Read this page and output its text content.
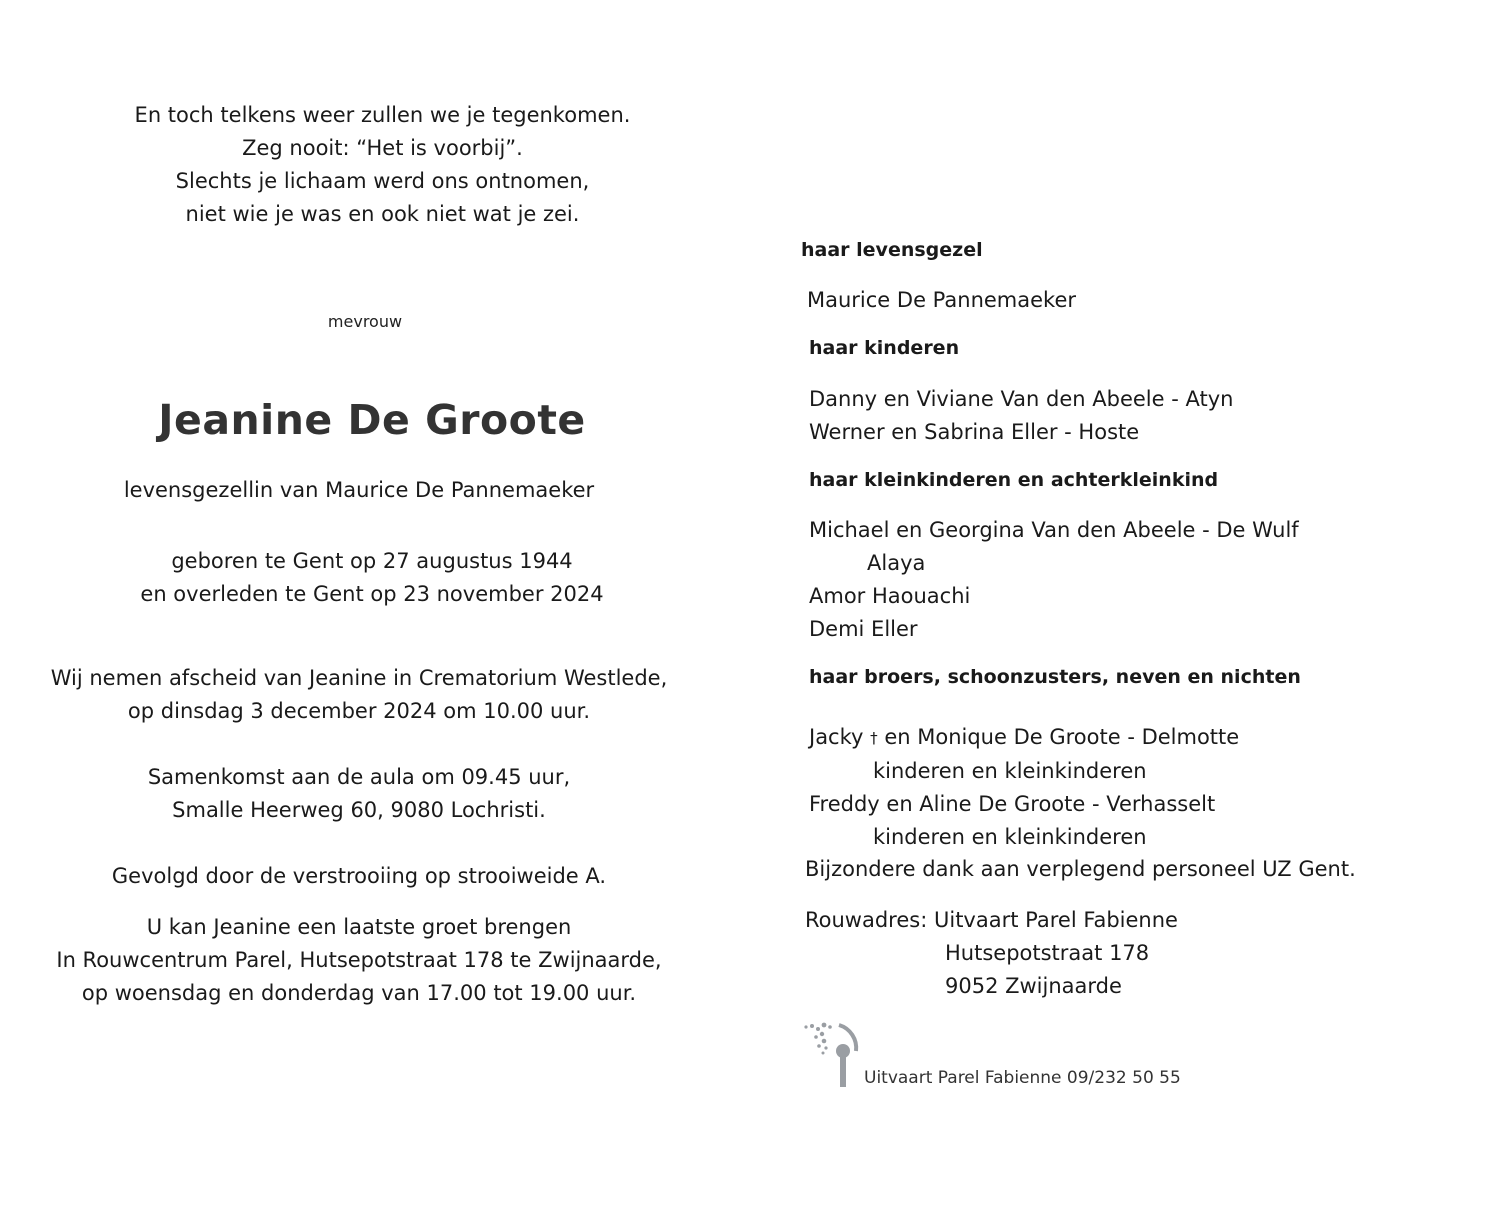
En toch telkens weer zullen we je tegenkomen.
Zeg nooit: “Het is voorbij”.
Slechts je lichaam werd ons ontnomen,
niet wie je was en ook niet wat je zei.
mevrouw
Jeanine De Groote
levensgezellin van Maurice De Pannemaeker
geboren te Gent op 27 augustus 1944
en overleden te Gent op 23 november 2024
Wij nemen afscheid van Jeanine in Crematorium Westlede,
op dinsdag 3 december 2024 om 10.00 uur.
Samenkomst aan de aula om 09.45 uur,
Smalle Heerweg 60, 9080 Lochristi.
Gevolgd door de verstrooiing op strooiweide A.
U kan Jeanine een laatste groet brengen
In Rouwcentrum Parel, Hutsepotstraat 178 te Zwijnaarde,
op woensdag en donderdag van 17.00 tot 19.00 uur.
haar levensgezel
Maurice De Pannemaeker
haar kinderen
Danny en Viviane Van den Abeele - Atyn
Werner en Sabrina Eller - Hoste
haar kleinkinderen en achterkleinkind
Michael en Georgina Van den Abeele - De Wulf
Alaya
Amor Haouachi
Demi Eller
haar broers, schoonzusters, neven en nichten
Jacky † en Monique De Groote - Delmotte
kinderen en kleinkinderen
Freddy en Aline De Groote - Verhasselt
kinderen en kleinkinderen
Bijzondere dank aan verplegend personeel UZ Gent.
Rouwadres: Uitvaart Parel Fabienne
Hutsepotstraat 178
9052 Zwijnaarde
Uitvaart Parel Fabienne 09/232 50 55
